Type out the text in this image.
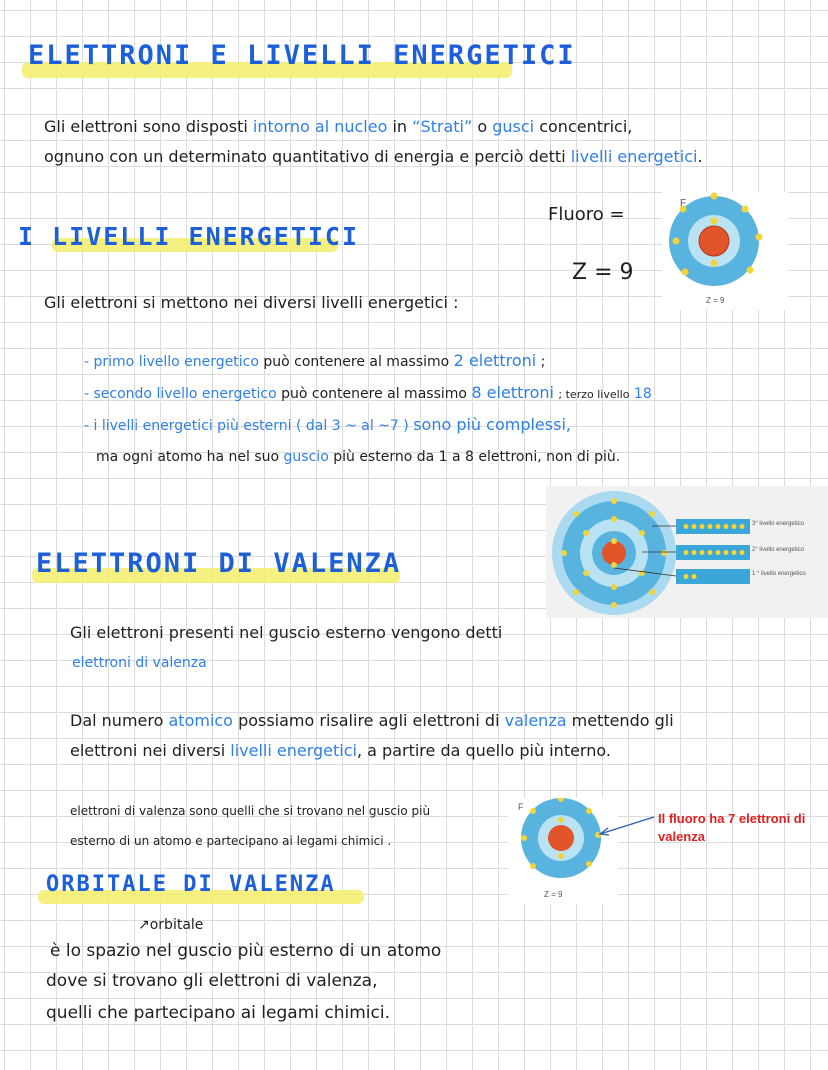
ELETTRONI E LIVELLI ENERGETICI
Gli elettroni sono disposti intorno al nucleo in “Strati” o gusci concentrici,
ognuno con un determinato quantitativo di energia e perciò detti livelli energetici.
Fluoro =
Z = 9
F
Z = 9
I LIVELLI ENERGETICI
Gli elettroni si mettono nei diversi livelli energetici :
- primo livello energetico può contenere al massimo 2 elettroni ;
- secondo livello energetico può contenere al massimo 8 elettroni ; terzo livello 18
- i livelli energetici più esterni ( dal 3 ~ al ~7 ) sono più complessi,
ma ogni atomo ha nel suo guscio più esterno da 1 a 8 elettroni, non di più.
3° livello energetico
2° livello energetico
1 ° livello energetico
ELETTRONI DI VALENZA
Gli elettroni presenti nel guscio esterno vengono detti
elettroni di valenza
Dal numero atomico possiamo risalire agli elettroni di valenza mettendo gli
elettroni nei diversi livelli energetici, a partire da quello più interno.
elettroni di valenza sono quelli che si trovano nel guscio più
esterno di un atomo e partecipano ai legami chimici .
F
Z = 9
Il fluoro ha 7 elettroni di valenza
ORBITALE DI VALENZA
↗orbitale
è lo spazio nel guscio più esterno di un atomo
dove si trovano gli elettroni di valenza,
quelli che partecipano ai legami chimici.
